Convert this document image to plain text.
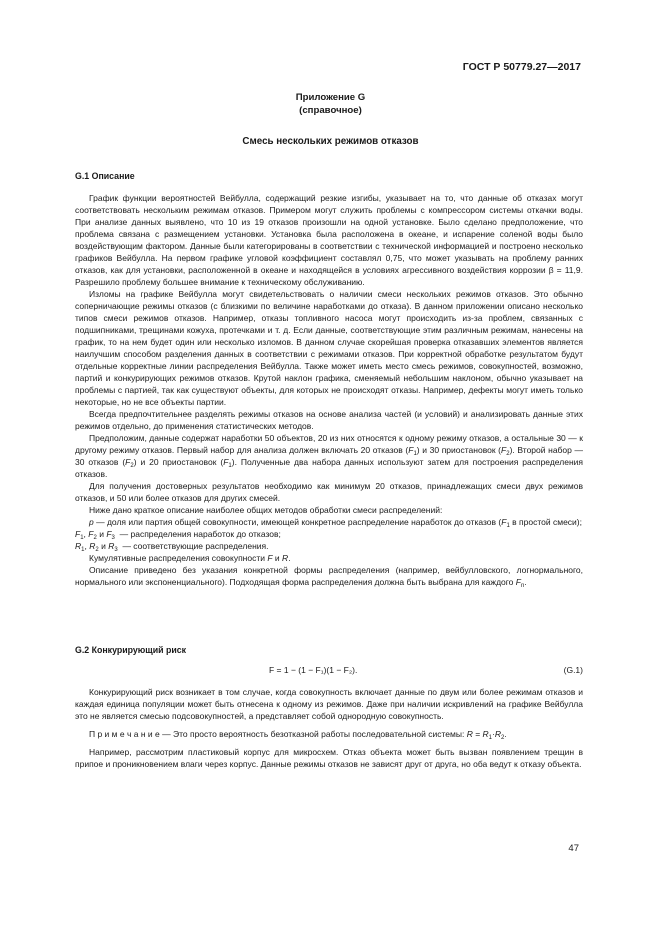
ГОСТ Р 50779.27—2017
Приложение G
(справочное)
Смесь нескольких режимов отказов
G.1 Описание

График функции вероятностей Вейбулла, содержащий резкие изгибы, указывает на то, что данные об отказах могут соответствовать нескольким режимам отказов. Примером могут служить проблемы с компрессором системы откачки воды. При анализе данных выявлено, что 10 из 19 отказов произошли на одной установке. Было сделано предположение, что проблема связана с размещением установки. Установка была расположена в океане, и испарение соленой воды было воздействующим фактором. Данные были категорированы в соответствии с технической информацией и построено несколько графиков Вейбулла. На первом графике угловой коэффициент составлял 0,75, что может указывать на проблему ранних отказов, как для установки, расположенной в океане и находящейся в условиях агрессивного воздействия коррозии β = 11,9. Разрешило проблему большее внимание к техническому обслуживанию.

Изломы на графике Вейбулла могут свидетельствовать о наличии смеси нескольких режимов отказов. Это обычно соперничающие режимы отказов (с близкими по величине наработками до отказа). В данном приложении описано несколько типов смеси режимов отказов. Например, отказы топливного насоса могут происходить из-за проблем, связанных с подшипниками, трещинами кожуха, протечками и т. д. Если данные, соответствующие этим различным режимам, нанесены на график, то на нем будет один или несколько изломов. В данном случае скорейшая проверка отказавших элементов является наилучшим способом разделения данных в соответствии с режимами отказов. При корректной обработке результатом будут отдельные корректные линии распределения Вейбулла. Также может иметь место смесь режимов, совокупностей, возможно, партий и конкурирующих режимов отказов. Крутой наклон графика, сменяемый небольшим наклоном, обычно указывает на проблемы с партией, так как существуют объекты, для которых не происходят отказы. Например, дефекты могут иметь только некоторые, но не все объекты партии.

Всегда предпочтительнее разделять режимы отказов на основе анализа частей (и условий) и анализировать данные этих режимов отдельно, до применения статистических методов.

Предположим, данные содержат наработки 50 объектов, 20 из них относятся к одному режиму отказов, а остальные 30 — к другому режиму отказов. Первый набор для анализа должен включать 20 отказов $(F_1)$ и 30 приостановок $(F_2)$. Второй набор — 30 отказов $(F_2)$ и 20 приостановок $(F_1)$. Полученные два набора данных используют затем для построения распределения отказов.

Для получения достоверных результатов необходимо как минимум 20 отказов, принадлежащих смеси двух режимов отказов, и 50 или более отказов для других смесей.

Ниже дано краткое описание наиболее общих методов обработки смеси распределений:

p — доля или партия общей совокупности, имеющей конкретное распределение наработок до отказов ($F_1$ в простой смеси);

$F_1$, $F_2$ и $F_3$ — распределения наработок до отказов;

$R_1$, $R_2$ и $R_3$ — соответствующие распределения.

Кумулятивные распределения совокупности F и R.

Описание приведено без указания конкретной формы распределения (например, вейбулловского, логнормального, нормального или экспоненциального). Подходящая форма распределения должна быть выбрана для каждого $F_n$.

G.2 Конкурирующий риск
F = 1 − (1 − F₁)(1 − F₂).	(G.1)

Конкурирующий риск возникает в том случае, когда совокупность включает данные по двум или более режимам отказов и каждая единица популяции может быть отнесена к одному из режимов. Даже при наличии искривлений на графике Вейбулла это не является смесью подсовокупностей, а представляет собой однородную совокупность.

П р и м е ч а н и е — Это просто вероятность безотказной работы последовательной системы: $R = R_1\cdot R_2$.

Например, рассмотрим пластиковый корпус для микросхем. Отказ объекта может быть вызван появлением трещин в припое и проникновением влаги через корпус. Данные режимы отказов не зависят друг от друга, но оба ведут к отказу объекта.

47
